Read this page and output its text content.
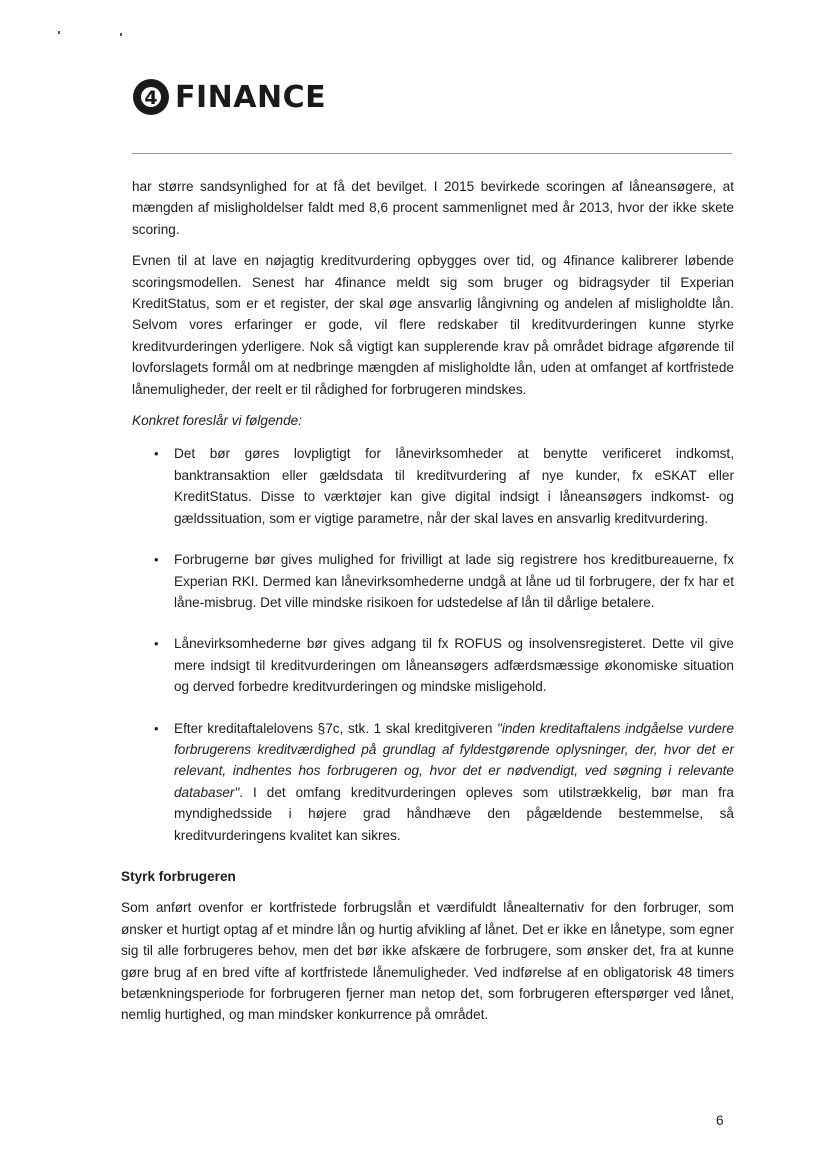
4 FINANCE

har større sandsynlighed for at få det bevilget. I 2015 bevirkede scoringen af låneansøgere, at mængden af misligholdelser faldt med 8,6 procent sammenlignet med år 2013, hvor der ikke skete scoring.

Evnen til at lave en nøjagtig kreditvurdering opbygges over tid, og 4finance kalibrerer løbende scoringsmodellen. Senest har 4finance meldt sig som bruger og bidragsyder til Experian KreditStatus, som er et register, der skal øge ansvarlig långivning og andelen af misligholdte lån. Selvom vores erfaringer er gode, vil flere redskaber til kreditvurderingen kunne styrke kreditvurderingen yderligere. Nok så vigtigt kan supplerende krav på området bidrage afgørende til lovforslagets formål om at nedbringe mængden af misligholdte lån, uden at omfanget af kortfristede lånemuligheder, der reelt er til rådighed for forbrugeren mindskes.

Konkret foreslår vi følgende:

• Det bør gøres lovpligtigt for lånevirksomheder at benytte verificeret indkomst, banktransaktion eller gældsdata til kreditvurdering af nye kunder, fx eSKAT eller KreditStatus. Disse to værktøjer kan give digital indsigt i låneansøgers indkomst- og gældssituation, som er vigtige parametre, når der skal laves en ansvarlig kreditvurdering.
• Forbrugerne bør gives mulighed for frivilligt at lade sig registrere hos kreditbureauerne, fx Experian RKI. Dermed kan lånevirksomhederne undgå at låne ud til forbrugere, der fx har et låne-misbrug. Det ville mindske risikoen for udstedelse af lån til dårlige betalere.
• Lånevirksomhederne bør gives adgang til fx ROFUS og insolvensregisteret. Dette vil give mere indsigt til kreditvurderingen om låneansøgers adfærdsmæssige økonomiske situation og derved forbedre kreditvurderingen og mindske misligehold.
• Efter kreditaftalelovens §7c, stk. 1 skal kreditgiveren "inden kreditaftalens indgåelse vurdere forbrugerens kreditværdighed på grundlag af fyldestgørende oplysninger, der, hvor det er relevant, indhentes hos forbrugeren og, hvor det er nødvendigt, ved søgning i relevante databaser". I det omfang kreditvurderingen opleves som utilstrækkelig, bør man fra myndighedsside i højere grad håndhæve den pågældende bestemmelse, så kreditvurderingens kvalitet kan sikres.
Styrk forbrugeren

Som anført ovenfor er kortfristede forbrugslån et værdifuldt lånealternativ for den forbruger, som ønsker et hurtigt optag af et mindre lån og hurtig afvikling af lånet. Det er ikke en lånetype, som egner sig til alle forbrugeres behov, men det bør ikke afskære de forbrugere, som ønsker det, fra at kunne gøre brug af en bred vifte af kortfristede lånemuligheder. Ved indførelse af en obligatorisk 48 timers betænkningsperiode for forbrugeren fjerner man netop det, som forbrugeren efterspørger ved lånet, nemlig hurtighed, og man mindsker konkurrence på området.

6
